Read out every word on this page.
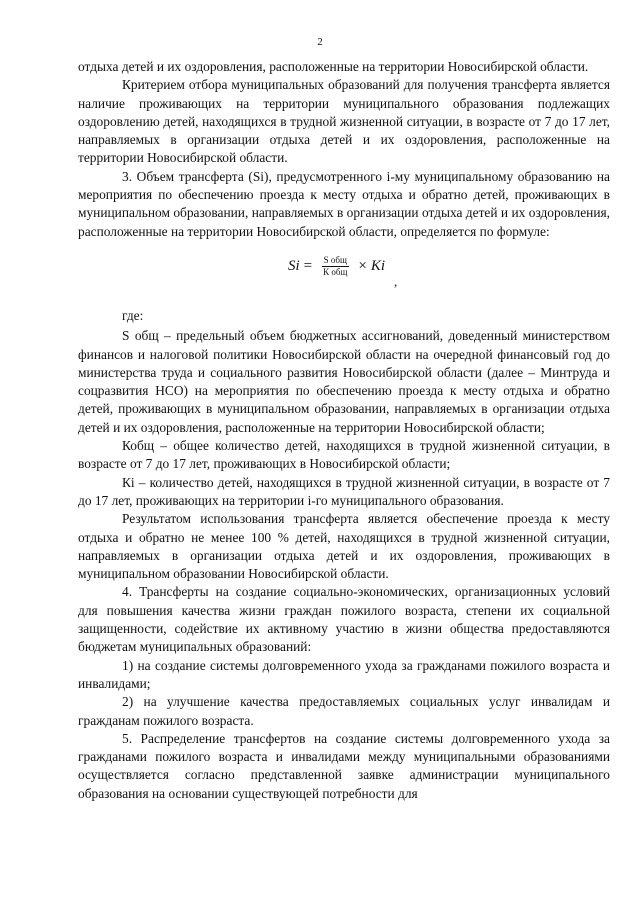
2

отдыха детей и их оздоровления, расположенные на территории Новосибирской области.

Критерием отбора муниципальных образований для получения трансферта является наличие проживающих на территории муниципального образования подлежащих оздоровлению детей, находящихся в трудной жизненной ситуации, в возрасте от 7 до 17 лет, направляемых в организации отдыха детей и их оздоровления, расположенные на территории Новосибирской области.

3. Объем трансферта (Si), предусмотренного i-му муниципальному образованию на мероприятия по обеспечению проезда к месту отдыха и обратно детей, проживающих в муниципальном образовании, направляемых в организации отдыха детей и их оздоровления, расположенные на территории Новосибирской области, определяется по формуле:

$Si = \frac{\text{S общ}}{\text{К общ}} \times Ki$
,

где:

S общ – предельный объем бюджетных ассигнований, доведенный министерством финансов и налоговой политики Новосибирской области на очередной финансовый год до министерства труда и социального развития Новосибирской области (далее – Минтруда и соцразвития НСО) на мероприятия по обеспечению проезда к месту отдыха и обратно детей, проживающих в муниципальном образовании, направляемых в организации отдыха детей и их оздоровления, расположенные на территории Новосибирской области;

Кобщ – общее количество детей, находящихся в трудной жизненной ситуации, в возрасте от 7 до 17 лет, проживающих в Новосибирской области;

Кi – количество детей, находящихся в трудной жизненной ситуации, в возрасте от 7 до 17 лет, проживающих на территории i-го муниципального образования.

Результатом использования трансферта является обеспечение проезда к месту отдыха и обратно не менее 100 % детей, находящихся в трудной жизненной ситуации, направляемых в организации отдыха детей и их оздоровления, проживающих в муниципальном образовании Новосибирской области.

4. Трансферты на создание социально-экономических, организационных условий для повышения качества жизни граждан пожилого возраста, степени их социальной защищенности, содействие их активному участию в жизни общества предоставляются бюджетам муниципальных образований:

1) на создание системы долговременного ухода за гражданами пожилого возраста и инвалидами;

2) на улучшение качества предоставляемых социальных услуг инвалидам и гражданам пожилого возраста.

5. Распределение трансфертов на создание системы долговременного ухода за гражданами пожилого возраста и инвалидами между муниципальными образованиями осуществляется согласно представленной заявке администрации муниципального образования на основании существующей потребности для
